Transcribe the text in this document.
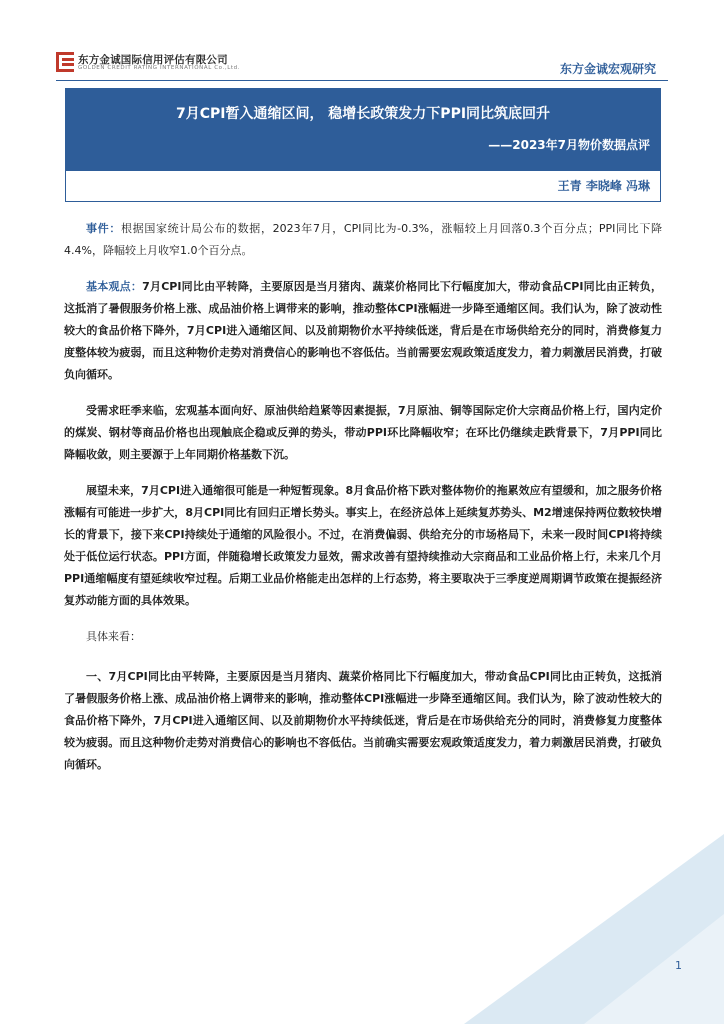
东方金诚国际信用评估有限公司
GOLDEN CREDIT RATING INTERNATIONAL Co.,Ltd.	东方金诚宏观研究
7月CPI暂入通缩区间， 稳增长政策发力下PPI同比筑底回升
——2023年7月物价数据点评
王青 李晓峰 冯琳

事件：根据国家统计局公布的数据，2023年7月，CPI同比为-0.3%，涨幅较上月回落0.3个百分点；PPI同比下降4.4%，降幅较上月收窄1.0个百分点。

基本观点：7月CPI同比由平转降，主要原因是当月猪肉、蔬菜价格同比下行幅度加大，带动食品CPI同比由正转负，这抵消了暑假服务价格上涨、成品油价格上调带来的影响，推动整体CPI涨幅进一步降至通缩区间。我们认为，除了波动性较大的食品价格下降外，7月CPI进入通缩区间、以及前期物价水平持续低迷，背后是在市场供给充分的同时，消费修复力度整体较为疲弱，而且这种物价走势对消费信心的影响也不容低估。当前需要宏观政策适度发力，着力刺激居民消费，打破负向循环。

受需求旺季来临，宏观基本面向好、原油供给趋紧等因素提振，7月原油、铜等国际定价大宗商品价格上行，国内定价的煤炭、钢材等商品价格也出现触底企稳或反弹的势头，带动PPI环比降幅收窄；在环比仍继续走跌背景下，7月PPI同比降幅收敛，则主要源于上年同期价格基数下沉。

展望未来，7月CPI进入通缩很可能是一种短暂现象。8月食品价格下跌对整体物价的拖累效应有望缓和，加之服务价格涨幅有可能进一步扩大，8月CPI同比有回归正增长势头。事实上，在经济总体上延续复苏势头、M2增速保持两位数较快增长的背景下，接下来CPI持续处于通缩的风险很小。不过，在消费偏弱、供给充分的市场格局下，未来一段时间CPI将持续处于低位运行状态。PPI方面，伴随稳增长政策发力显效，需求改善有望持续推动大宗商品和工业品价格上行，未来几个月PPI通缩幅度有望延续收窄过程。后期工业品价格能走出怎样的上行态势，将主要取决于三季度逆周期调节政策在提振经济复苏动能方面的具体效果。

具体来看：

一、7月CPI同比由平转降，主要原因是当月猪肉、蔬菜价格同比下行幅度加大，带动食品CPI同比由正转负，这抵消了暑假服务价格上涨、成品油价格上调带来的影响，推动整体CPI涨幅进一步降至通缩区间。我们认为，除了波动性较大的食品价格下降外，7月CPI进入通缩区间、以及前期物价水平持续低迷，背后是在市场供给充分的同时，消费修复力度整体较为疲弱。而且这种物价走势对消费信心的影响也不容低估。当前确实需要宏观政策适度发力，着力刺激居民消费，打破负向循环。

1
